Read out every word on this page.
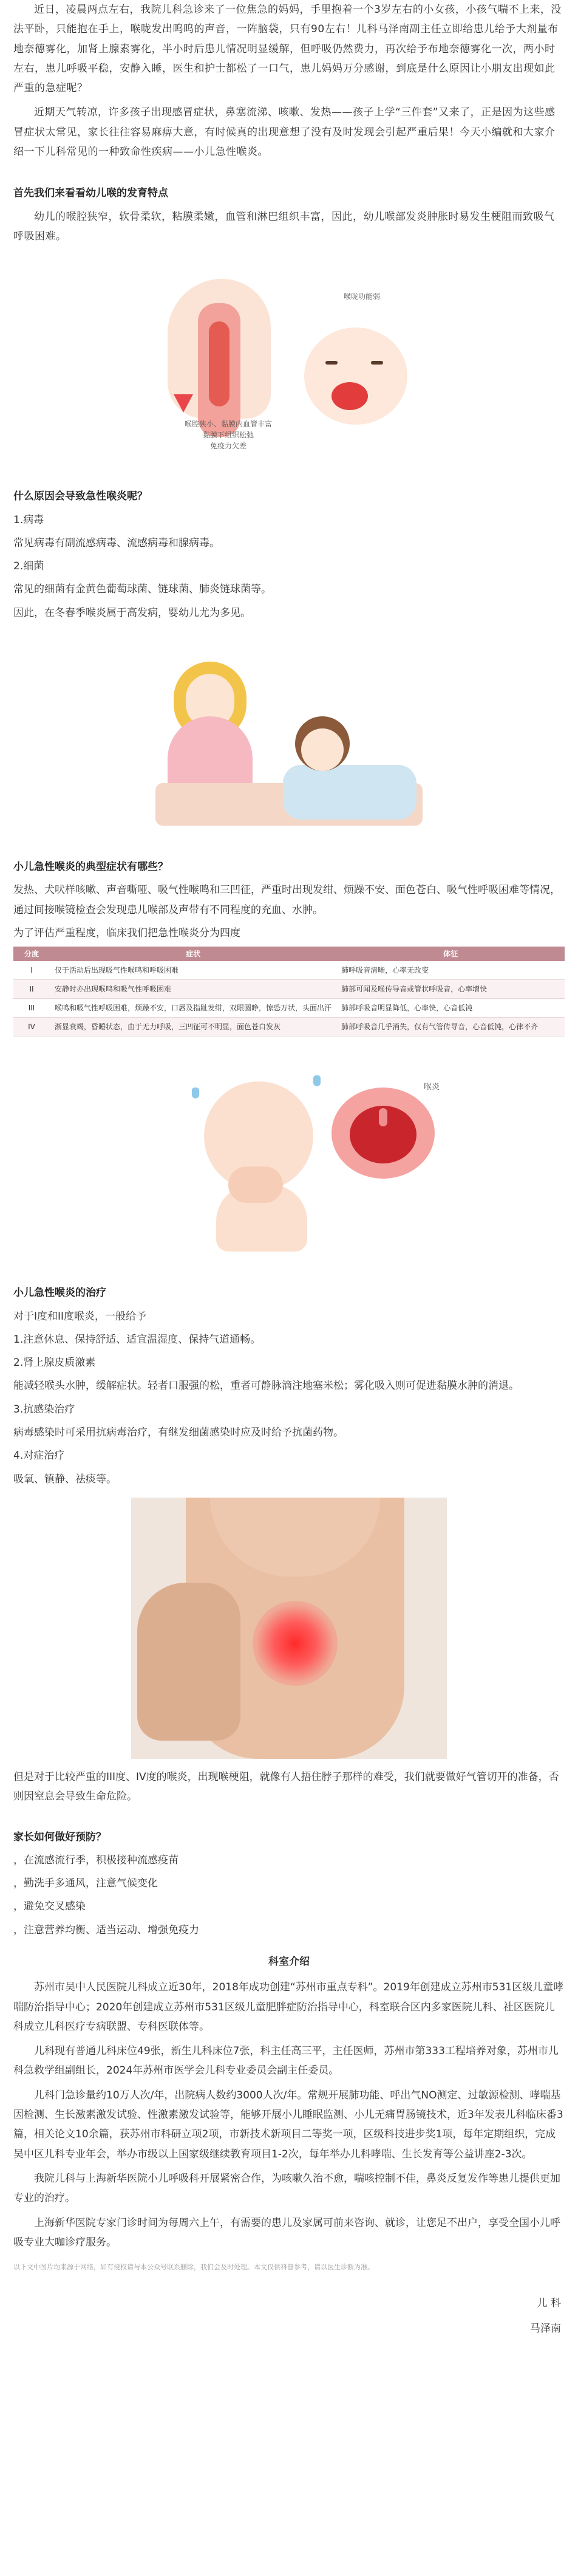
近日，凌晨两点左右，我院儿科急诊来了一位焦急的妈妈，手里抱着一个3岁左右的小女孩，小孩气喘不上来，没法平卧，只能抱在手上，喉咙发出呜呜的声音，一阵脑袋，只有90左右！儿科马泽南副主任立即给患儿给予大剂量布地奈德雾化，加肾上腺素雾化，半小时后患儿情况明显缓解，但呼吸仍然费力，再次给予布地奈德雾化一次，两小时左右，患儿呼吸平稳，安静入睡，医生和护士都松了一口气，患儿妈妈万分感谢，到底是什么原因让小朋友出现如此严重的急症呢？

近期天气转凉，许多孩子出现感冒症状，鼻塞流涕、咳嗽、发热——孩子上学“三件套”又来了，正是因为这些感冒症状太常见，家长往往容易麻痹大意，有时候真的出现意想了没有及时发现会引起严重后果！今天小编就和大家介绍一下儿科常见的一种致命性疾病——小儿急性喉炎。

首先我们来看看幼儿喉的发育特点

幼儿的喉腔狭窄，软骨柔软，粘膜柔嫩，血管和淋巴组织丰富，因此，幼儿喉部发炎肿胀时易发生梗阻而致吸气呼吸困难。

喉咙功能弱
喉腔狭小、黏膜内血管丰富
黏膜下组织松弛
免疫力欠差

什么原因会导致急性喉炎呢？

1.病毒

常见病毒有副流感病毒、流感病毒和腺病毒。

2.细菌

常见的细菌有金黄色葡萄球菌、链球菌、肺炎链球菌等。

因此，在冬春季喉炎属于高发病，婴幼儿尤为多见。

小儿急性喉炎的典型症状有哪些？

发热、犬吠样咳嗽、声音嘶哑、吸气性喉鸣和三凹征，严重时出现发绀、烦躁不安、面色苍白、吸气性呼吸困难等情况，通过间接喉镜检查会发现患儿喉部及声带有不同程度的充血、水肿。

为了评估严重程度，临床我们把急性喉炎分为四度

分度	症状	体征
I	仅于活动后出现吸气性喉鸣和呼吸困难	肺呼吸音清晰，心率无改变
II	安静时亦出现喉鸣和吸气性呼吸困难	肺部可闻及喉传导音或管状呼吸音，心率增快
III	喉鸣和吸气性呼吸困难，烦躁不安，口唇及指趾发绀，双眼圆睁，惊恐万状，头面出汗	肺部呼吸音明显降低，心率快，心音低钝
IV	渐显衰竭，昏睡状态，由于无力呼吸，三凹征可不明显，面色苍白发灰	肺部呼吸音几乎消失，仅有气管传导音，心音低钝，心律不齐
喉炎

小儿急性喉炎的治疗

对于I度和II度喉炎，一般给予

1.注意休息、保持舒适、适宜温湿度、保持气道通畅。

2.肾上腺皮质激素

能减轻喉头水肿，缓解症状。轻者口服强的松，重者可静脉滴注地塞米松；雾化吸入则可促进黏膜水肿的消退。

3.抗感染治疗

病毒感染时可采用抗病毒治疗，有继发细菌感染时应及时给予抗菌药物。

4.对症治疗

吸氧、镇静、祛痰等。

但是对于比较严重的III度、IV度的喉炎，出现喉梗阻，就像有人捂住脖子那样的难受，我们就要做好气管切开的准备，否则因窒息会导致生命危险。

家长如何做好预防？

，在流感流行季，积极接种流感疫苗

，勤洗手多通风，注意气候变化

，避免交叉感染

，注意营养均衡、适当运动、增强免疫力

科室介绍

苏州市吴中人民医院儿科成立近30年，2018年成功创建“苏州市重点专科”。2019年创建成立苏州市531区级儿童哮喘防治指导中心；2020年创建成立苏州市531区级儿童肥胖症防治指导中心，科室联合区内多家医院儿科、社区医院儿科成立儿科医疗专病联盟、专科医联体等。

儿科现有普通儿科床位49张，新生儿科床位7张，科主任高三平，主任医师，苏州市第333工程培养对象，苏州市儿科急救学组副组长，2024年苏州市医学会儿科专业委员会副主任委员。

儿科门急诊量约10万人次/年，出院病人数约3000人次/年。常规开展肺功能、呼出气NO测定、过敏源检测、哮喘基因检测、生长激素激发试验、性激素激发试验等，能够开展小儿睡眠监测、小儿无痛胃肠镜技术，近3年发表儿科临床番3篇，相关论文10余篇，获苏州市科研立项2项，市新技术新项目二等奖一项，区级科技进步奖1项，每年定期组织，完成吴中区儿科专业年会，举办市级以上国家级继续教育项目1-2次，每年举办儿科哮喘、生长发育等公益讲座2-3次。

我院儿科与上海新华医院小儿呼吸科开展紧密合作，为咳嗽久治不愈，喘咳控制不佳，鼻炎反复发作等患儿提供更加专业的治疗。

上海新华医院专家门诊时间为每周六上午，有需要的患儿及家属可前来咨询、就诊，让您足不出户，享受全国小儿呼吸专业大咖诊疗服务。

以下文中图片均来源于网络，如有侵权请与本公众号联系删除，我们会及时处理。本文仅供科普参考，请以医生诊断为准。

儿 科

马泽南
